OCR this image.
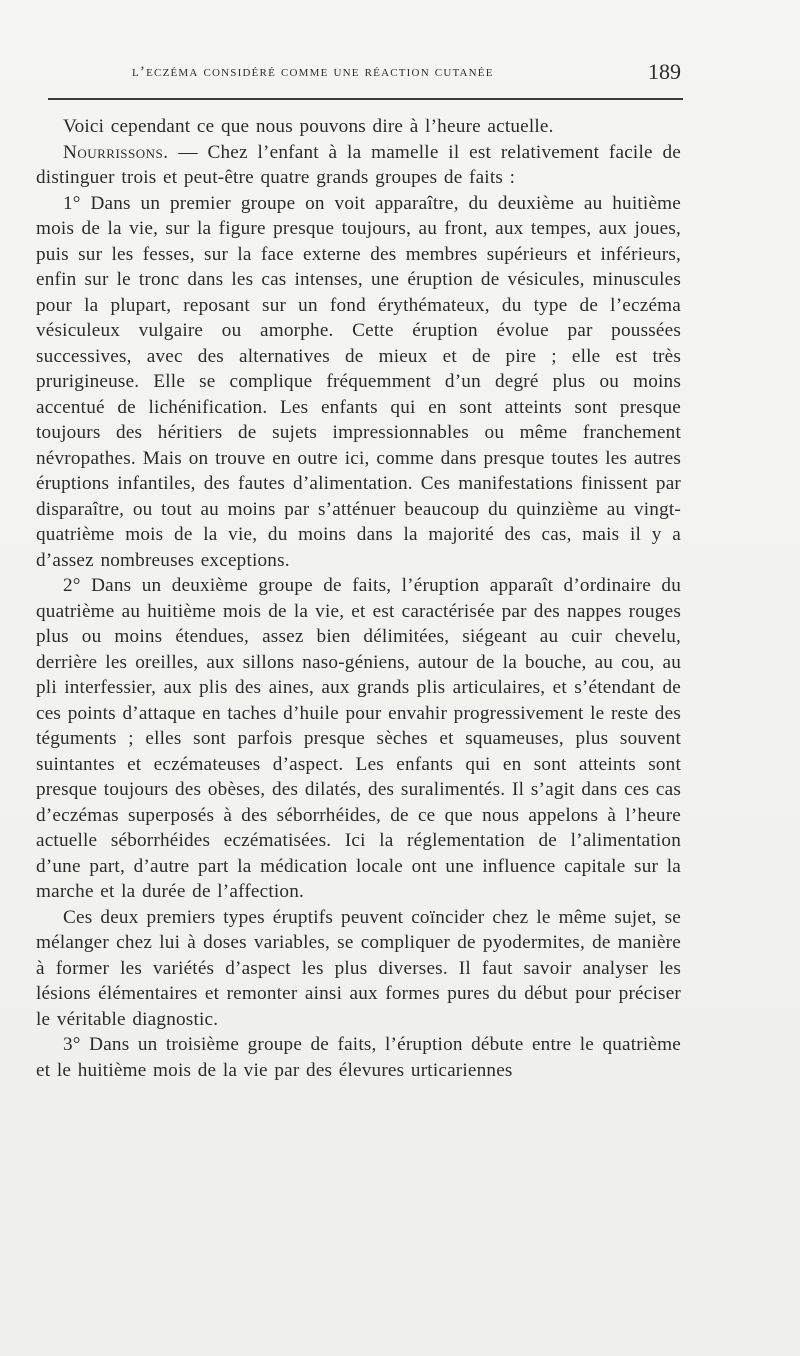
l’eczéma considéré comme une réaction cutanée	189

Voici cependant ce que nous pouvons dire à l’heure actuelle.

Nourrissons. — Chez l’enfant à la mamelle il est relativement facile de distinguer trois et peut-être quatre grands groupes de faits :

1° Dans un premier groupe on voit apparaître, du deuxième au huitième mois de la vie, sur la figure presque toujours, au front, aux tempes, aux joues, puis sur les fesses, sur la face externe des membres supérieurs et inférieurs, enfin sur le tronc dans les cas intenses, une éruption de vésicules, minuscules pour la plupart, reposant sur un fond érythémateux, du type de l’eczéma vésiculeux vulgaire ou amorphe. Cette éruption évolue par poussées successives, avec des alternatives de mieux et de pire ; elle est très prurigineuse. Elle se complique fréquemment d’un degré plus ou moins accentué de lichénification. Les enfants qui en sont atteints sont presque toujours des héritiers de sujets impressionnables ou même franchement névropathes. Mais on trouve en outre ici, comme dans presque toutes les autres éruptions infantiles, des fautes d’alimentation. Ces manifestations finissent par disparaître, ou tout au moins par s’atténuer beaucoup du quinzième au vingt-quatrième mois de la vie, du moins dans la majorité des cas, mais il y a d’assez nombreuses exceptions.

2° Dans un deuxième groupe de faits, l’éruption apparaît d’ordinaire du quatrième au huitième mois de la vie, et est caractérisée par des nappes rouges plus ou moins étendues, assez bien délimitées, siégeant au cuir chevelu, derrière les oreilles, aux sillons naso-géniens, autour de la bouche, au cou, au pli interfessier, aux plis des aines, aux grands plis articulaires, et s’étendant de ces points d’attaque en taches d’huile pour envahir progressivement le reste des téguments ; elles sont parfois presque sèches et squameuses, plus souvent suintantes et eczémateuses d’aspect. Les enfants qui en sont atteints sont presque toujours des obèses, des dilatés, des suralimentés. Il s’agit dans ces cas d’eczémas superposés à des séborrhéides, de ce que nous appelons à l’heure actuelle séborrhéides eczématisées. Ici la réglementation de l’alimentation d’une part, d’autre part la médication locale ont une influence capitale sur la marche et la durée de l’affection.

Ces deux premiers types éruptifs peuvent coïncider chez le même sujet, se mélanger chez lui à doses variables, se compliquer de pyodermites, de manière à former les variétés d’aspect les plus diverses. Il faut savoir analyser les lésions élémentaires et remonter ainsi aux formes pures du début pour préciser le véritable diagnostic.

3° Dans un troisième groupe de faits, l’éruption débute entre le quatrième et le huitième mois de la vie par des élevures urticariennes
